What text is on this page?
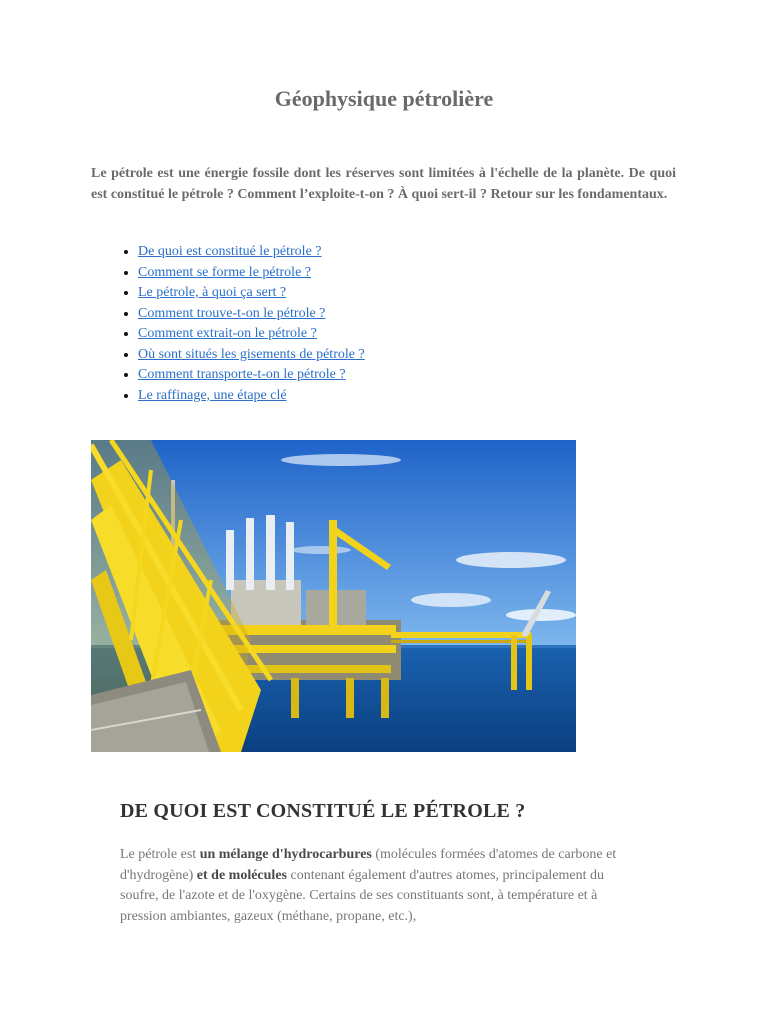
Géophysique pétrolière

Le pétrole est une énergie fossile dont les réserves sont limitées à l'échelle de la planète. De quoi est constitué le pétrole ? Comment l’exploite-t-on ? À quoi sert-il ? Retour sur les fondamentaux.

• De quoi est constitué le pétrole ?
• Comment se forme le pétrole ?
• Le pétrole, à quoi ça sert ?
• Comment trouve-t-on le pétrole ?
• Comment extrait-on le pétrole ?
• Où sont situés les gisements de pétrole ?
• Comment transporte-t-on le pétrole ?
• Le raffinage, une étape clé
DE QUOI EST CONSTITUÉ LE PÉTROLE ?

Le pétrole est un mélange d'hydrocarbures (molécules formées d'atomes de carbone et d'hydrogène) et de molécules contenant également d'autres atomes, principalement du soufre, de l'azote et de l'oxygène. Certains de ses constituants sont, à température et à pression ambiantes, gazeux (méthane, propane, etc.),
